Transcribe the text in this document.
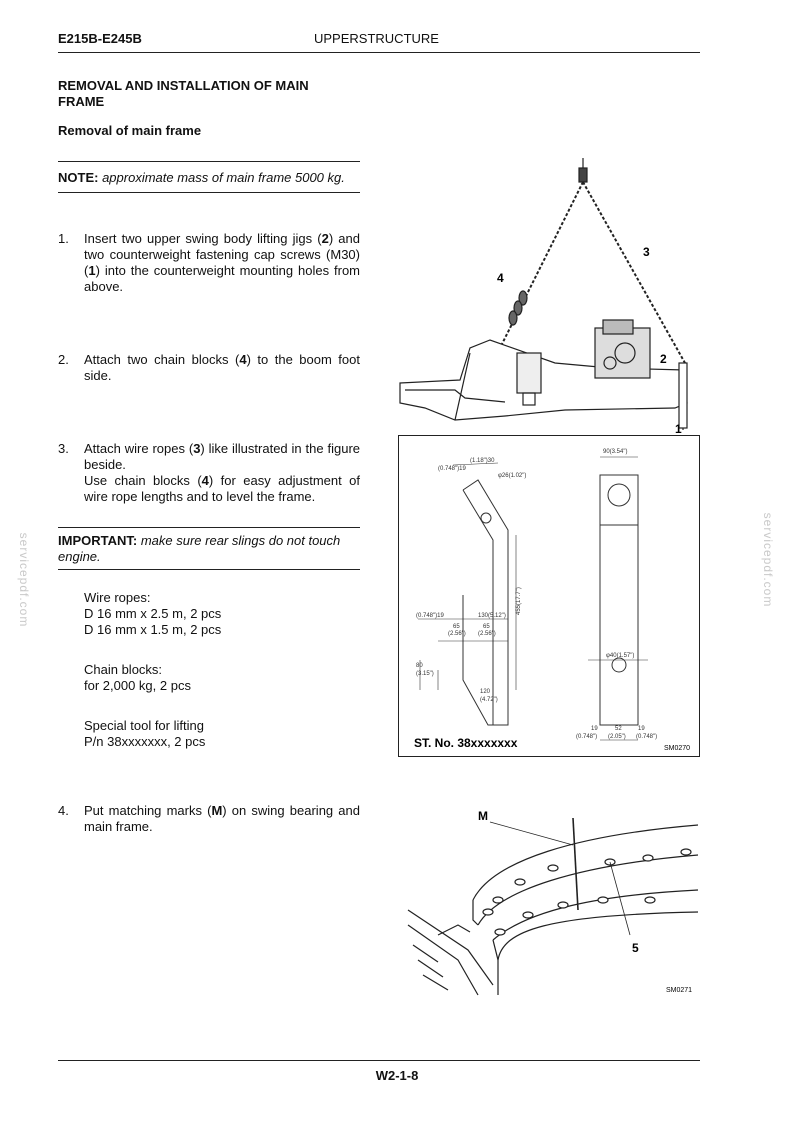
E215B-E245B	UPPERSTRUCTURE
REMOVAL AND INSTALLATION OF MAIN FRAME
Removal of main frame
NOTE: approximate mass of main frame 5000 kg.
1. Insert two upper swing body lifting jigs (2) and two counterweight fastening cap screws (M30) (1) into the counterweight mounting holes from above.
2. Attach two chain blocks (4) to the boom foot side.
3. Attach wire ropes (3) like illustrated in the figure beside.
Use chain blocks (4) for easy adjustment of wire rope lengths and to level the frame.
IMPORTANT: make sure rear slings do not touch engine.
Wire ropes:
D 16 mm x 2.5 m, 2 pcs
D 16 mm x 1.5 m, 2 pcs
Chain blocks:
for 2,000 kg, 2 pcs
Special tool for lifting
P/n 38xxxxxxx, 2 pcs
4. Put matching marks (M) on swing bearing and main frame.
servicepdf.com	servicepdf.com
4
3
2
1
90(3.54")
(0.748")19
(1.18")30
φ26(1.02")
455(17.7")
(0.748")19	130(5.12")
65
(2.56")
65
(2.56")
80
(3.15")
120
(4.72")
φ40(1.57")
19	52	19
(0.748") (2.05") (0.748")
ST. No. 38xxxxxxx	SM0270
M
5
SM0271
W2-1-8
